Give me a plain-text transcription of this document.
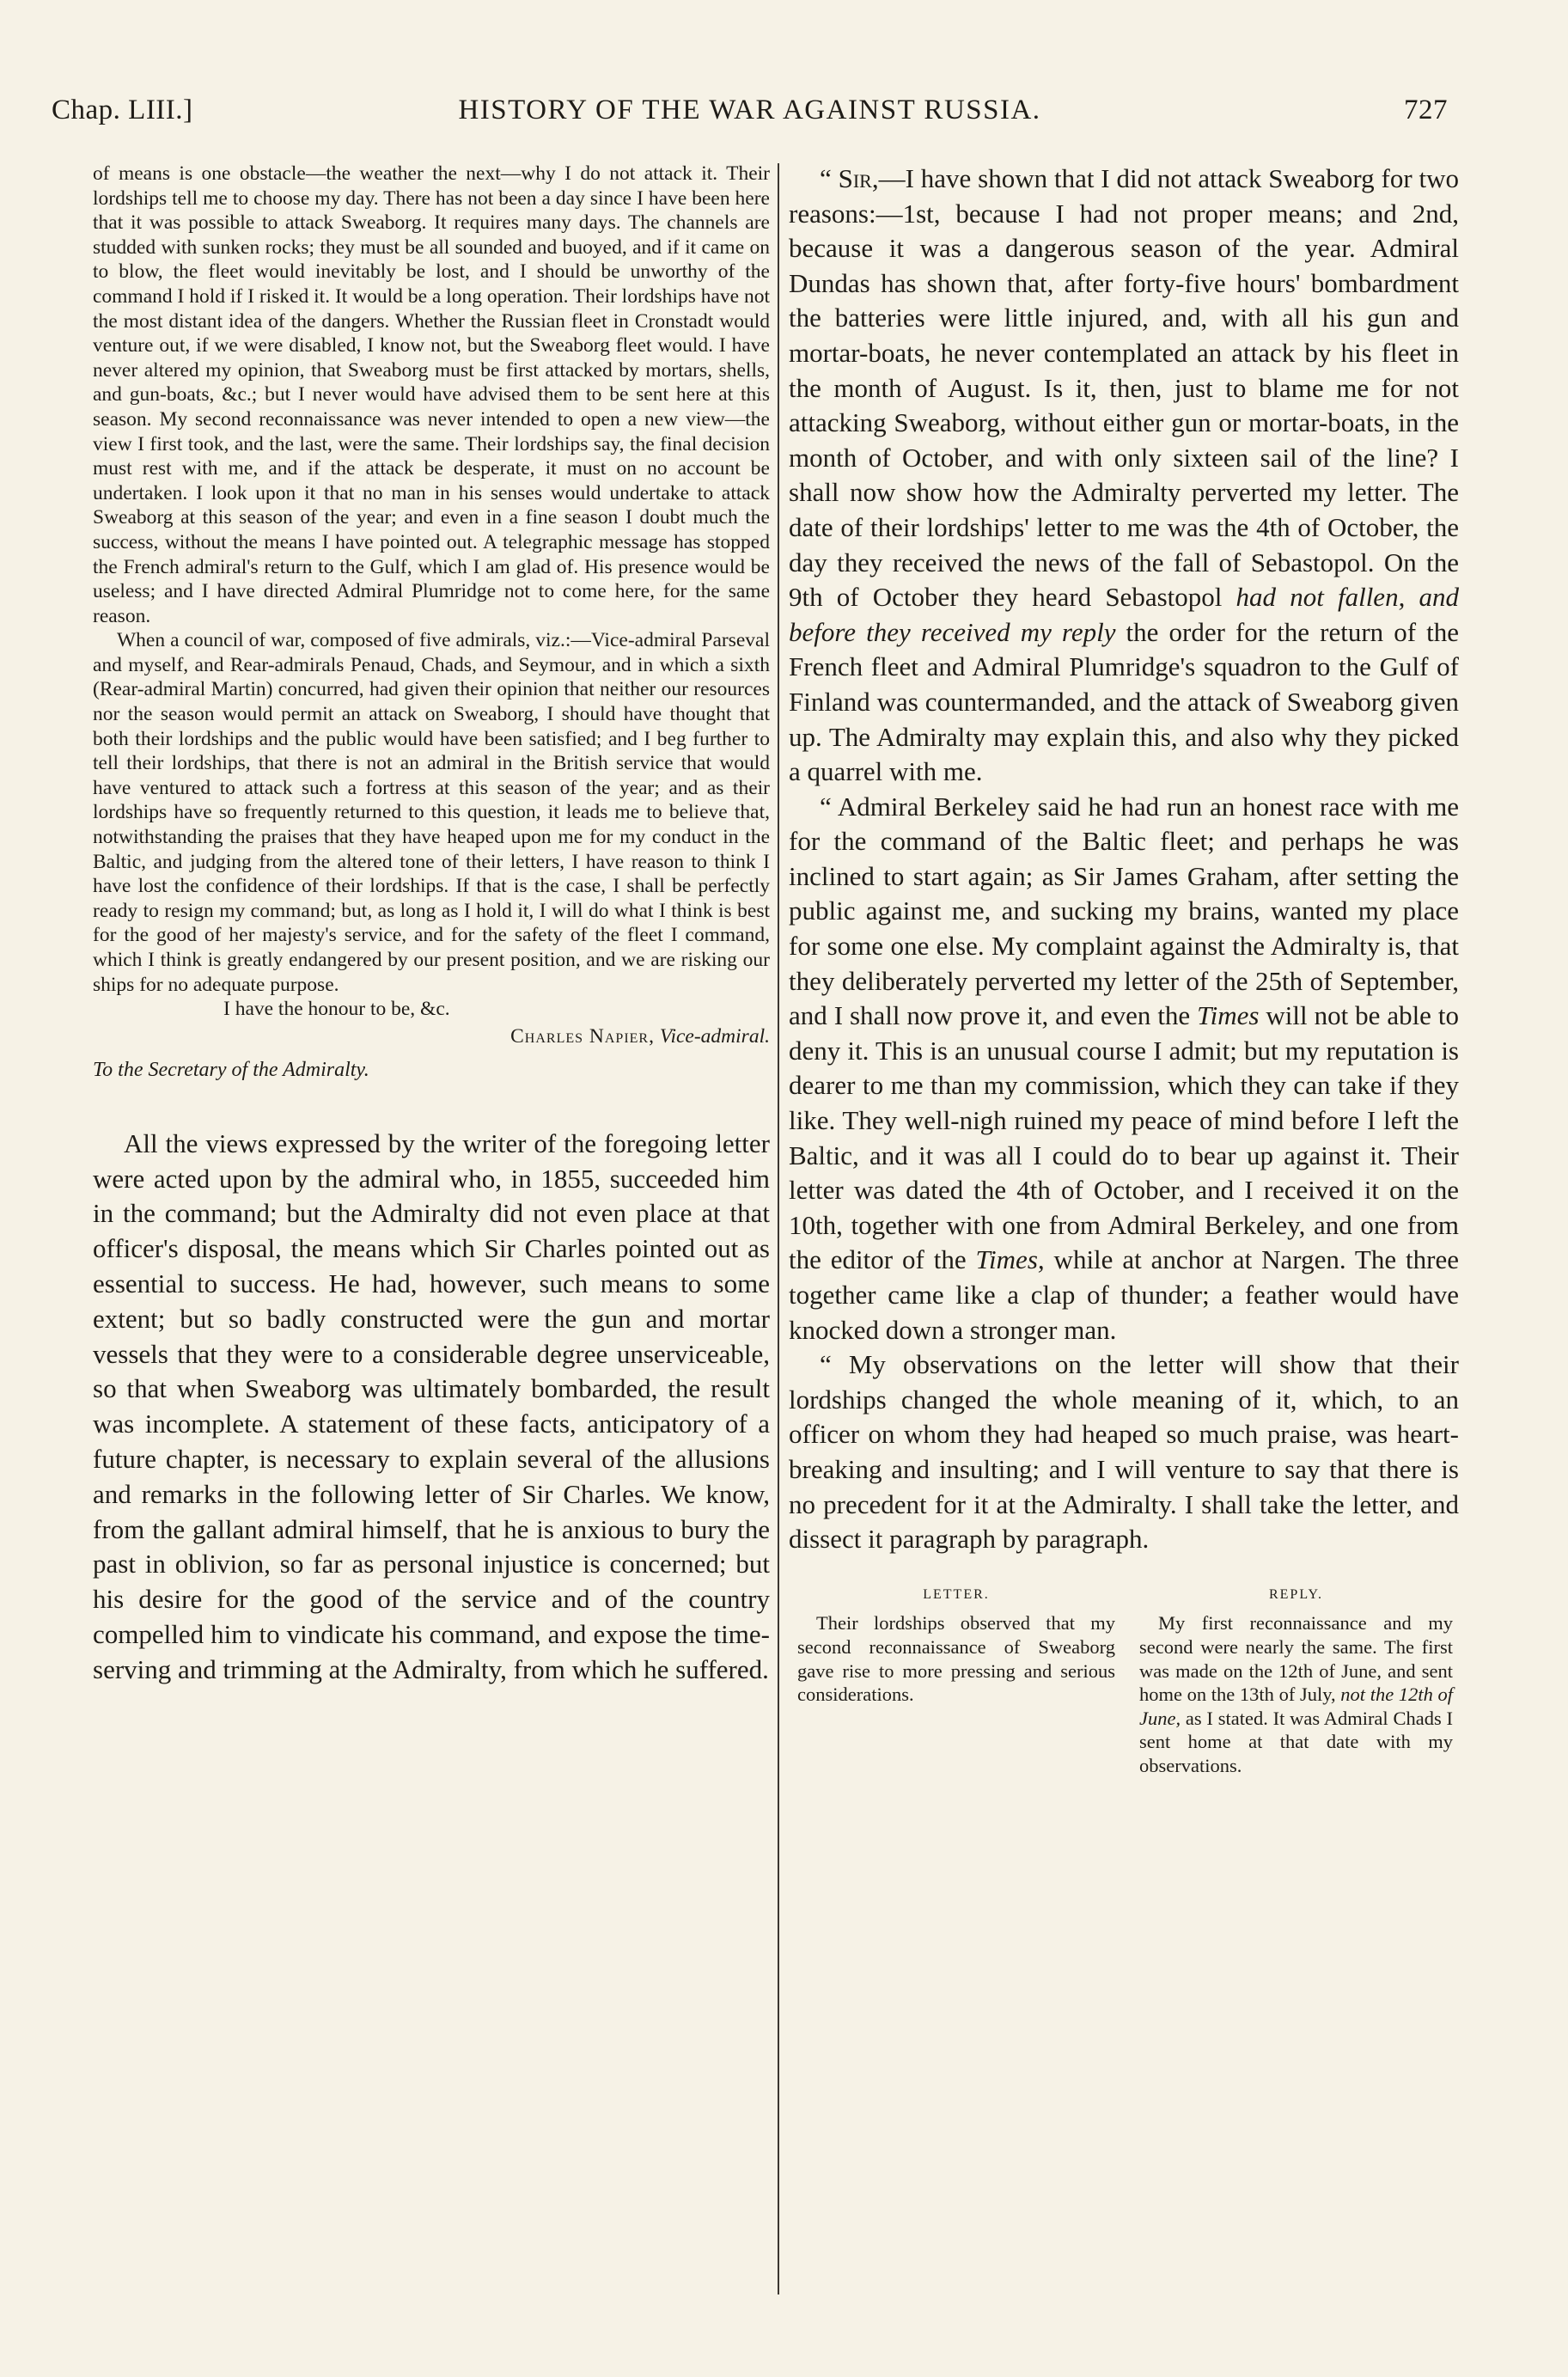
Chap. LIII.]	HISTORY OF THE WAR AGAINST RUSSIA.	727

of means is one obstacle—the weather the next—why I do not attack it. Their lordships tell me to choose my day. There has not been a day since I have been here that it was possible to attack Sweaborg. It requires many days. The channels are studded with sunken rocks; they must be all sounded and buoyed, and if it came on to blow, the fleet would inevitably be lost, and I should be unworthy of the command I hold if I risked it. It would be a long operation. Their lordships have not the most distant idea of the dangers. Whether the Russian fleet in Cronstadt would venture out, if we were disabled, I know not, but the Sweaborg fleet would. I have never altered my opinion, that Sweaborg must be first attacked by mortars, shells, and gun-boats, &c.; but I never would have advised them to be sent here at this season. My second reconnaissance was never intended to open a new view—the view I first took, and the last, were the same. Their lordships say, the final decision must rest with me, and if the attack be desperate, it must on no account be undertaken. I look upon it that no man in his senses would undertake to attack Sweaborg at this season of the year; and even in a fine season I doubt much the success, without the means I have pointed out. A telegraphic message has stopped the French admiral's return to the Gulf, which I am glad of. His presence would be useless; and I have directed Admiral Plumridge not to come here, for the same reason.

When a council of war, composed of five admirals, viz.:—Vice-admiral Parseval and myself, and Rear-admirals Penaud, Chads, and Seymour, and in which a sixth (Rear-admiral Martin) concurred, had given their opinion that neither our resources nor the season would permit an attack on Sweaborg, I should have thought that both their lordships and the public would have been satisfied; and I beg further to tell their lordships, that there is not an admiral in the British service that would have ventured to attack such a fortress at this season of the year; and as their lordships have so frequently returned to this question, it leads me to believe that, notwithstanding the praises that they have heaped upon me for my conduct in the Baltic, and judging from the altered tone of their letters, I have reason to think I have lost the confidence of their lordships. If that is the case, I shall be perfectly ready to resign my command; but, as long as I hold it, I will do what I think is best for the good of her majesty's service, and for the safety of the fleet I command, which I think is greatly endangered by our present position, and we are risking our ships for no adequate purpose.

I have the honour to be, &c.

Charles Napier, Vice-admiral.

To the Secretary of the Admiralty.

All the views expressed by the writer of the foregoing letter were acted upon by the admiral who, in 1855, succeeded him in the command; but the Admiralty did not even place at that officer's disposal, the means which Sir Charles pointed out as essential to success. He had, however, such means to some extent; but so badly constructed were the gun and mortar vessels that they were to a considerable degree unserviceable, so that when Sweaborg was ultimately bombarded, the result was incomplete. A statement of these facts, anticipatory of a future chapter, is necessary to explain several of the allusions and remarks in the following letter of Sir Charles. We know, from the gallant admiral himself, that he is anxious to bury the past in oblivion, so far as personal injustice is concerned; but his desire for the good of the service and of the country compelled him to vindicate his command, and expose the time-serving and trimming at the Admiralty, from which he suffered.

“ Sir,—I have shown that I did not attack Sweaborg for two reasons:—1st, because I had not proper means; and 2nd, because it was a dangerous season of the year. Admiral Dundas has shown that, after forty-five hours' bombardment the batteries were little injured, and, with all his gun and mortar-boats, he never contemplated an attack by his fleet in the month of August. Is it, then, just to blame me for not attacking Sweaborg, without either gun or mortar-boats, in the month of October, and with only sixteen sail of the line? I shall now show how the Admiralty perverted my letter. The date of their lordships' letter to me was the 4th of October, the day they received the news of the fall of Sebastopol. On the 9th of October they heard Sebastopol had not fallen, and before they received my reply the order for the return of the French fleet and Admiral Plumridge's squadron to the Gulf of Finland was countermanded, and the attack of Sweaborg given up. The Admiralty may explain this, and also why they picked a quarrel with me.

“ Admiral Berkeley said he had run an honest race with me for the command of the Baltic fleet; and perhaps he was inclined to start again; as Sir James Graham, after setting the public against me, and sucking my brains, wanted my place for some one else. My complaint against the Admiralty is, that they deliberately perverted my letter of the 25th of September, and I shall now prove it, and even the Times will not be able to deny it. This is an unusual course I admit; but my reputation is dearer to me than my commission, which they can take if they like. They well-nigh ruined my peace of mind before I left the Baltic, and it was all I could do to bear up against it. Their letter was dated the 4th of October, and I received it on the 10th, together with one from Admiral Berkeley, and one from the editor of the Times, while at anchor at Nargen. The three together came like a clap of thunder; a feather would have knocked down a stronger man.

“ My observations on the letter will show that their lordships changed the whole meaning of it, which, to an officer on whom they had heaped so much praise, was heart-breaking and insulting; and I will venture to say that there is no precedent for it at the Admiralty. I shall take the letter, and dissect it paragraph by paragraph.

LETTER.

Their lordships observed that my second reconnaissance of Sweaborg gave rise to more pressing and serious considerations.

REPLY.

My first reconnaissance and my second were nearly the same. The first was made on the 12th of June, and sent home on the 13th of July, not the 12th of June, as I stated. It was Admiral Chads I sent home at that date with my observations.
